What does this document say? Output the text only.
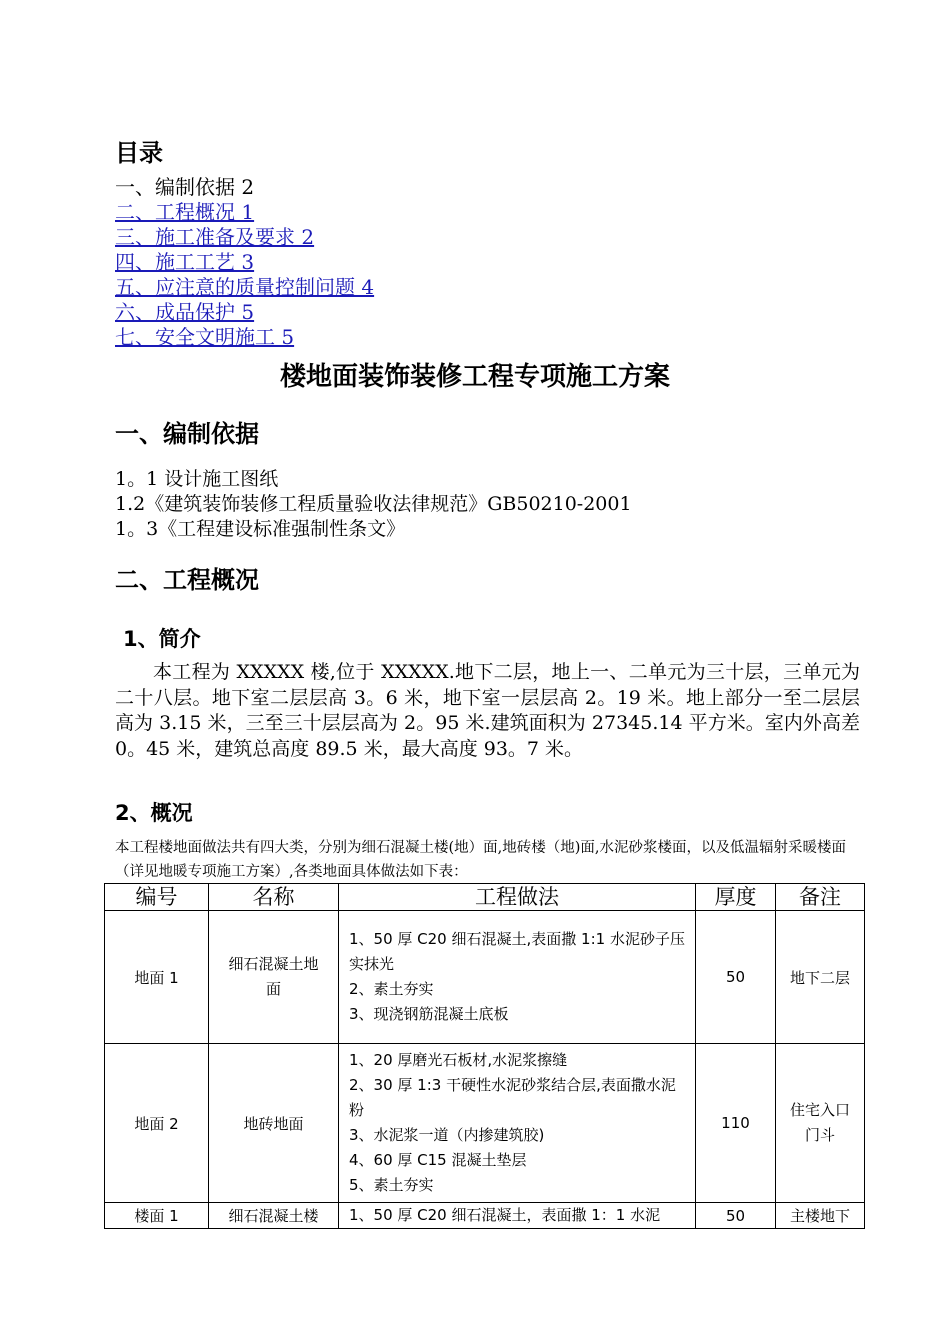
目录
一、编制依据 2
二、工程概况 1
三、施工准备及要求 2
四、施工工艺 3
五、应注意的质量控制问题 4
六、成品保护 5
七、安全文明施工 5
楼地面装饰装修工程专项施工方案
一、编制依据
1。1 设计施工图纸
1.2《建筑装饰装修工程质量验收法律规范》GB50210-2001
1。3《工程建设标准强制性条文》
二、工程概况
1、简介

本工程为 XXXXX 楼,位于 XXXXX.地下二层，地上一、二单元为三十层，三单元为二十八层。地下室二层层高 3。6 米，地下室一层层高 2。19 米。地上部分一至二层层高为 3.15 米，三至三十层层高为 2。95 米.建筑面积为 27345.14 平方米。室内外高差 0。45 米，建筑总高度 89.5 米，最大高度 93。7 米。

2、概况

本工程楼地面做法共有四大类，分别为细石混凝土楼(地）面,地砖楼（地)面,水泥砂浆楼面，以及低温辐射采暖楼面（详见地暖专项施工方案）,各类地面具体做法如下表：

编号	名称	工程做法	厚度	备注
地面 1	细石混凝土地面	1、50 厚 C20 细石混凝土,表面撒 1:1 水泥砂子压实抹光
2、素土夯实
3、现浇钢筋混凝土底板	50	地下二层
地面 2	地砖地面	1、20 厚磨光石板材,水泥浆擦缝
2、30 厚 1:3 干硬性水泥砂浆结合层,表面撒水泥粉
3、水泥浆一道（内掺建筑胶)
4、60 厚 C15 混凝土垫层
5、素土夯实	110	住宅入口门斗
楼面 1	细石混凝土楼	1、50 厚 C20 细石混凝土，表面撒 1：1 水泥	50	主楼地下
